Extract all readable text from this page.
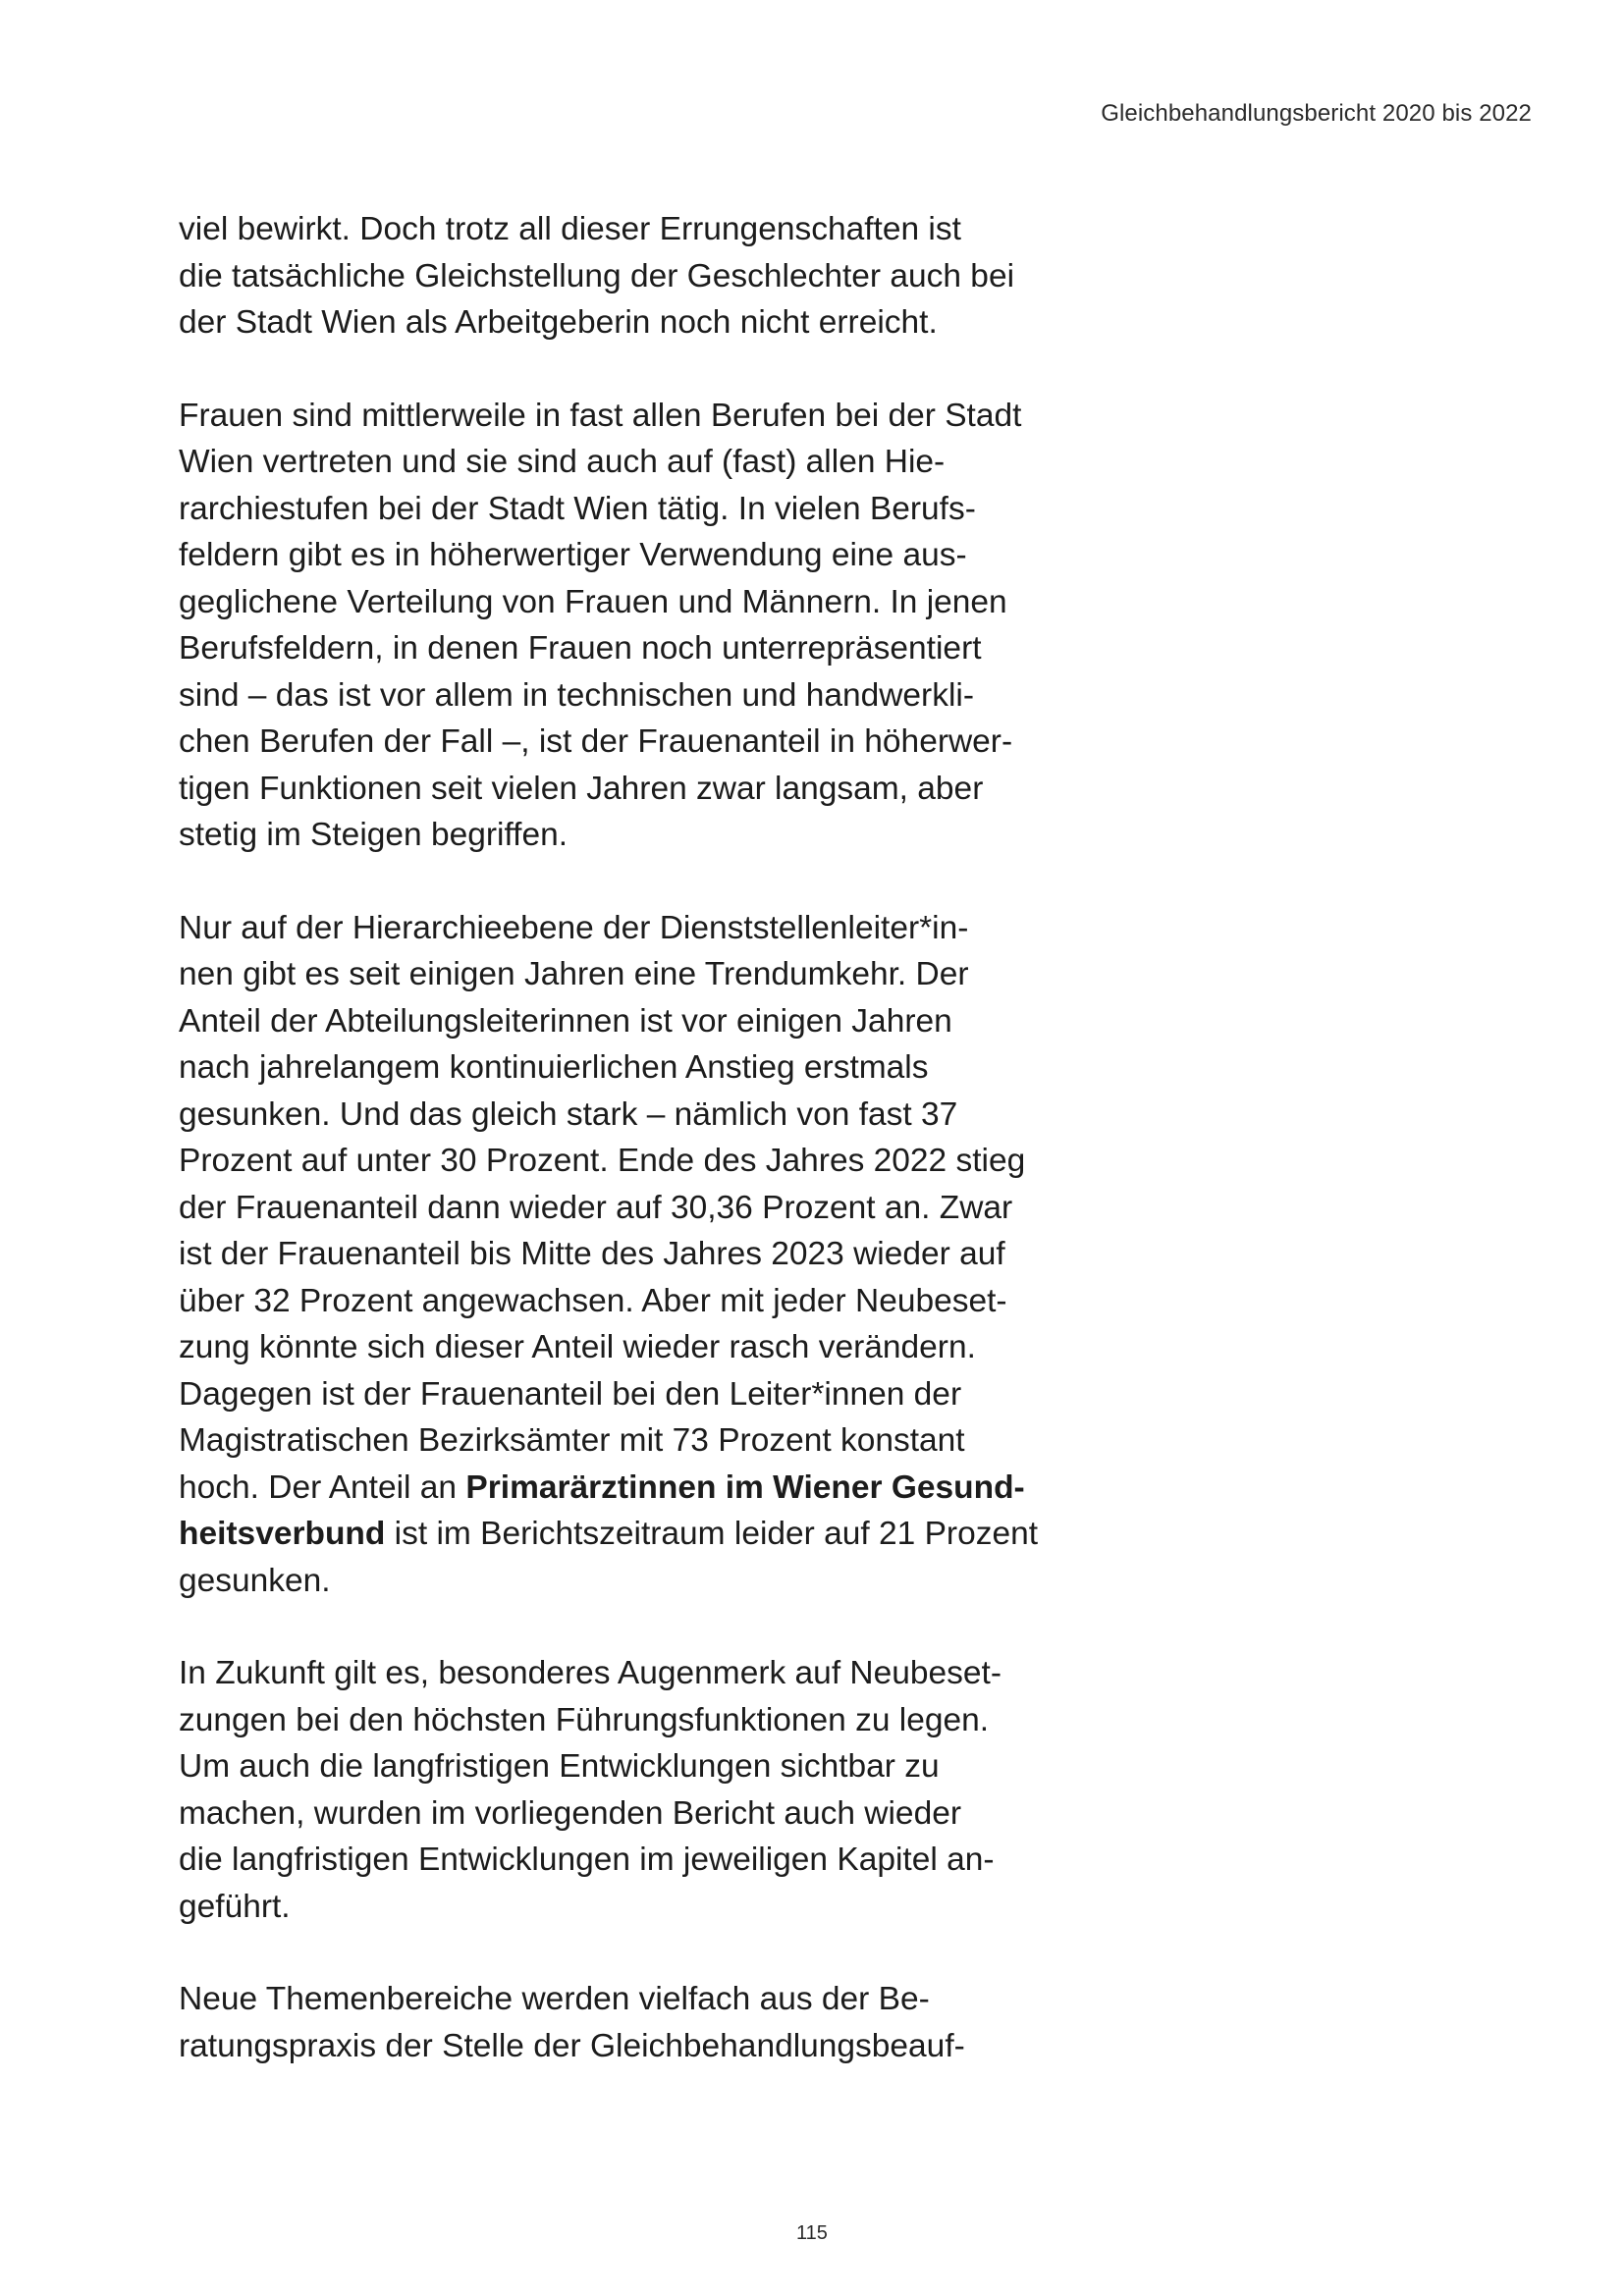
Gleichbehandlungsbericht 2020 bis 2022
viel bewirkt. Doch trotz all dieser Errungenschaften ist
die tatsächliche Gleichstellung der Geschlechter auch bei
der Stadt Wien als Arbeitgeberin noch nicht erreicht.
Frauen sind mittlerweile in fast allen Berufen bei der Stadt
Wien vertreten und sie sind auch auf (fast) allen Hie-
rarchiestufen bei der Stadt Wien tätig. In vielen Berufs-
feldern gibt es in höherwertiger Verwendung eine aus-
geglichene Verteilung von Frauen und Männern. In jenen
Berufsfeldern, in denen Frauen noch unterrepräsentiert
sind – das ist vor allem in technischen und handwerkli-
chen Berufen der Fall –, ist der Frauenanteil in höherwer-
tigen Funktionen seit vielen Jahren zwar langsam, aber
stetig im Steigen begriffen.
Nur auf der Hierarchieebene der Dienststellenleiter*in-
nen gibt es seit einigen Jahren eine Trendumkehr. Der
Anteil der Abteilungsleiterinnen ist vor einigen Jahren
nach jahrelangem kontinuierlichen Anstieg erstmals
gesunken. Und das gleich stark – nämlich von fast 37
Prozent auf unter 30 Prozent. Ende des Jahres 2022 stieg
der Frauenanteil dann wieder auf 30,36 Prozent an. Zwar
ist der Frauenanteil bis Mitte des Jahres 2023 wieder auf
über 32 Prozent angewachsen. Aber mit jeder Neubeset-
zung könnte sich dieser Anteil wieder rasch verändern.
Dagegen ist der Frauenanteil bei den Leiter*innen der
Magistratischen Bezirksämter mit 73 Prozent konstant
hoch. Der Anteil an Primarärztinnen im Wiener Gesund-
heitsverbund ist im Berichtszeitraum leider auf 21 Prozent
gesunken.
In Zukunft gilt es, besonderes Augenmerk auf Neubeset-
zungen bei den höchsten Führungsfunktionen zu legen.
Um auch die langfristigen Entwicklungen sichtbar zu
machen, wurden im vorliegenden Bericht auch wieder
die langfristigen Entwicklungen im jeweiligen Kapitel an-
geführt.
Neue Themenbereiche werden vielfach aus der Be-
ratungspraxis der Stelle der Gleichbehandlungsbeauf-
115
